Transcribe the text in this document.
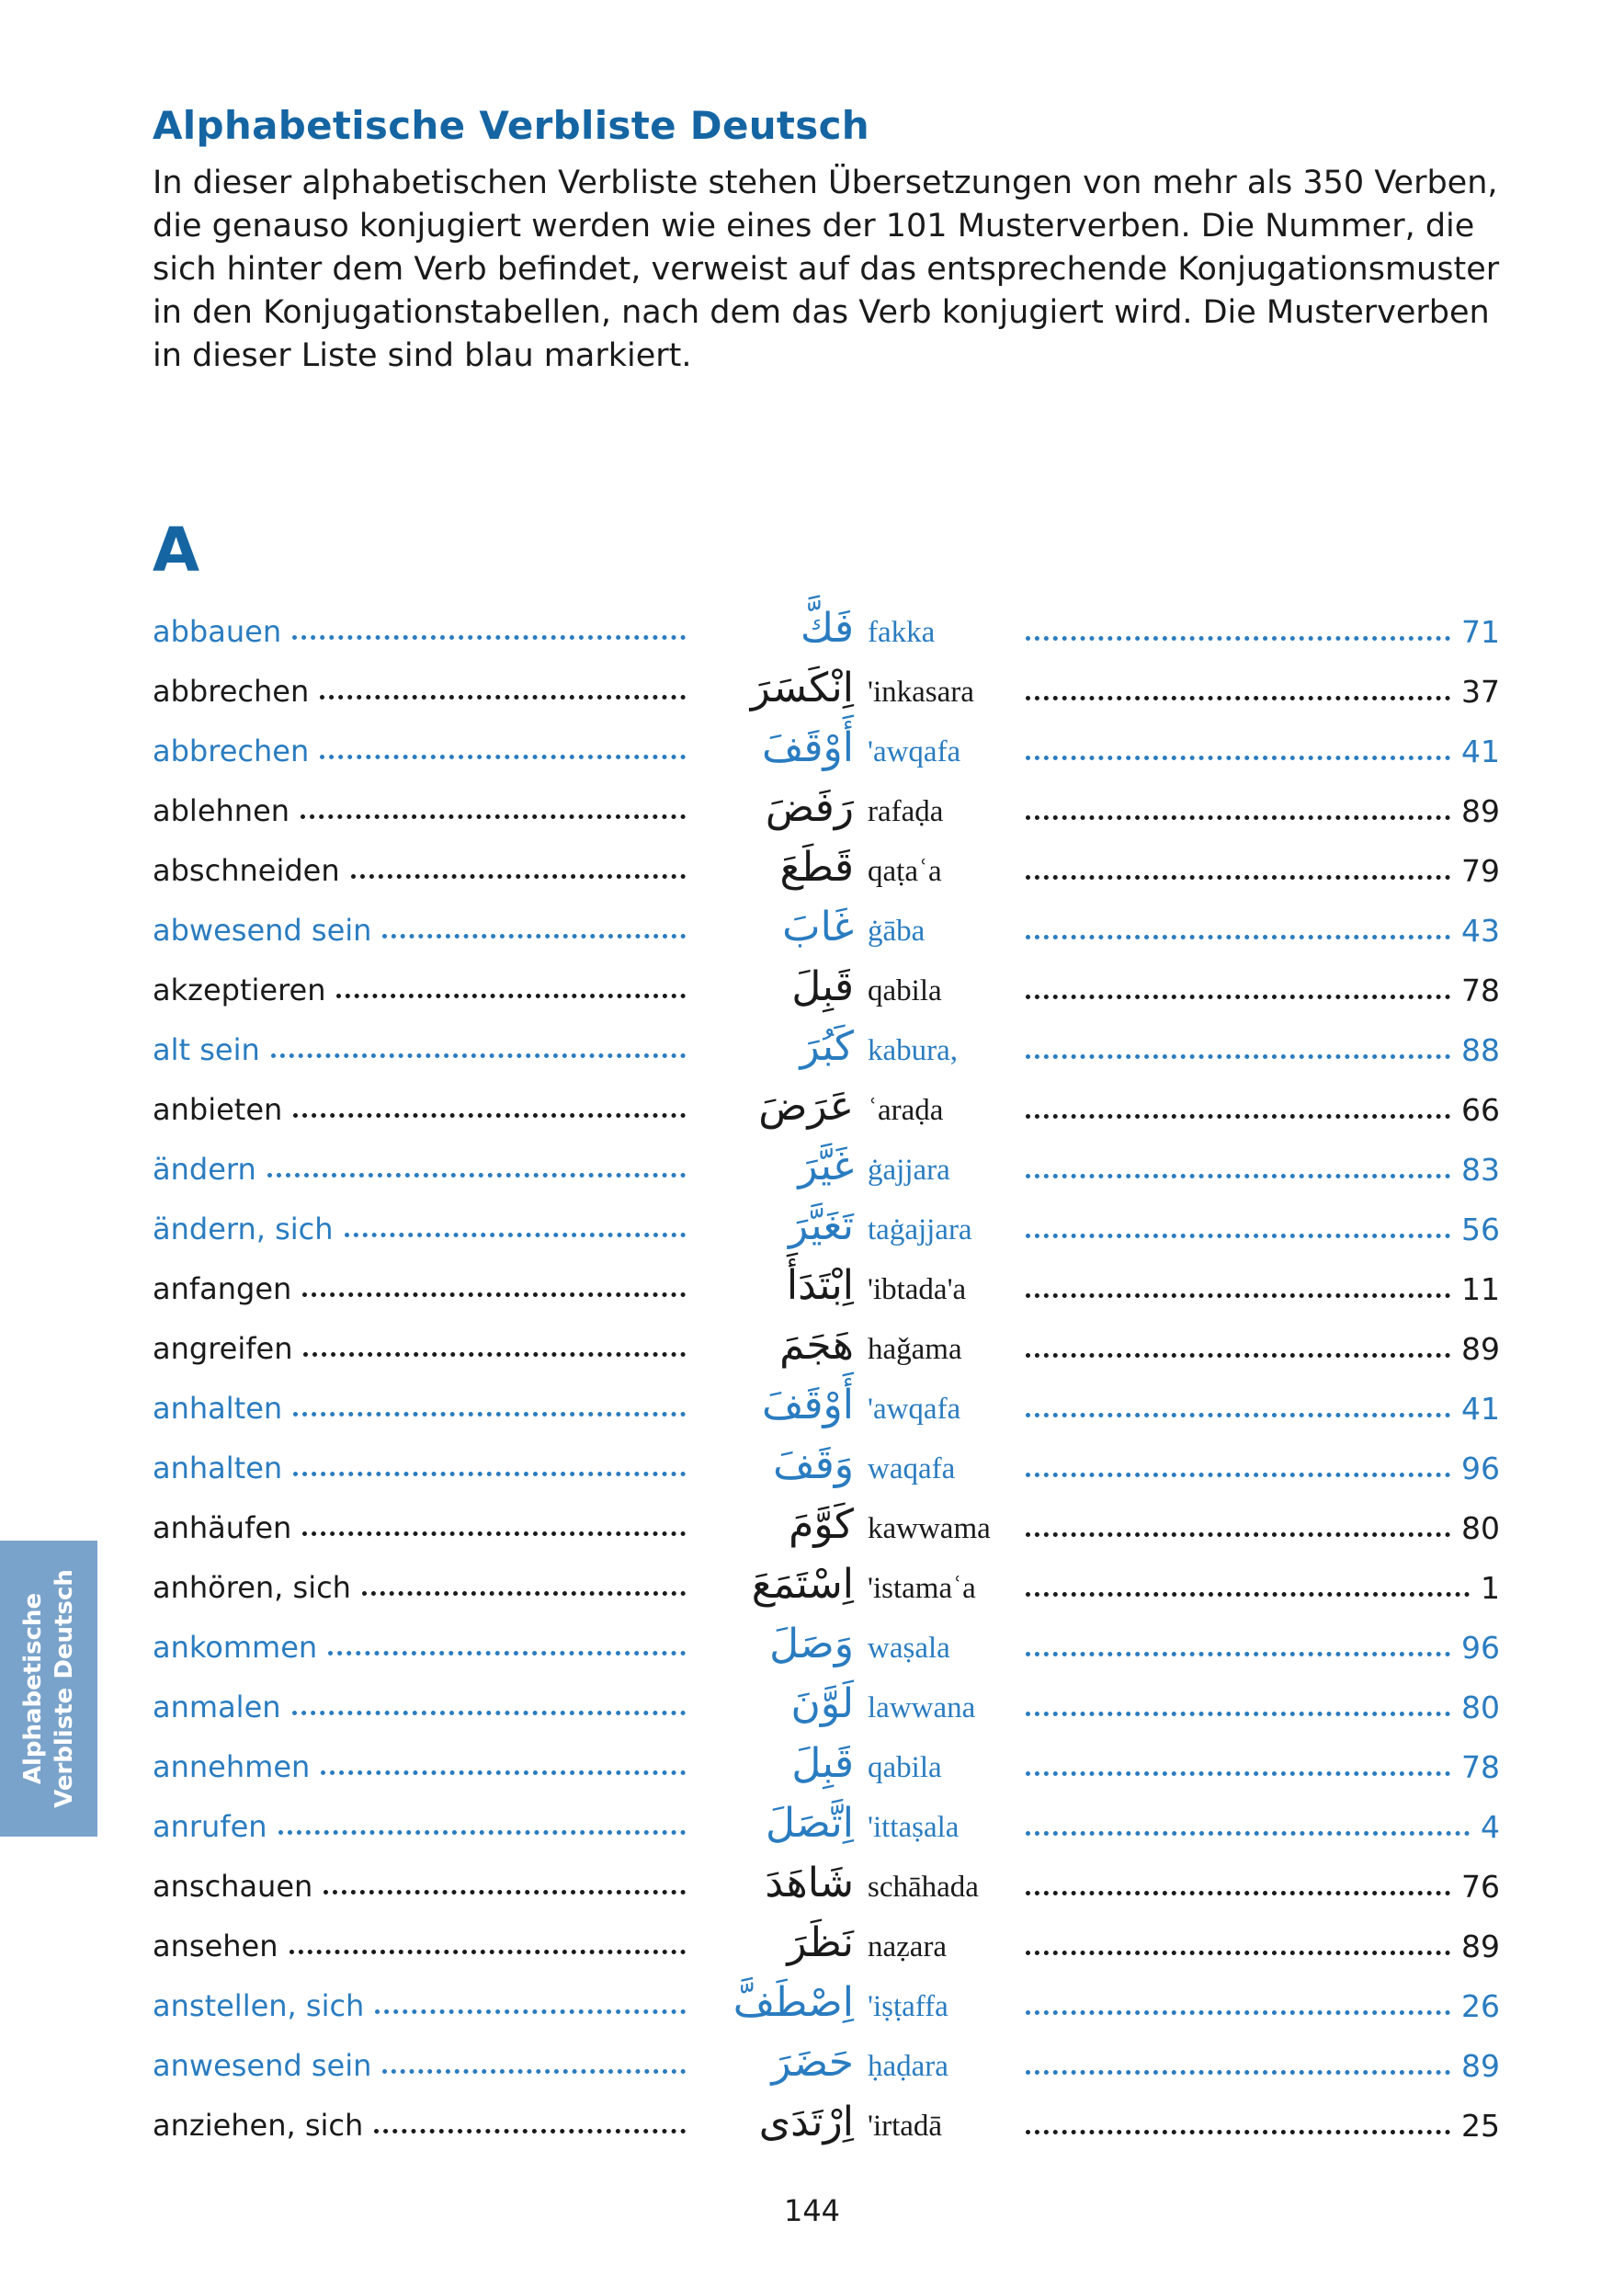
Alphabetische Verbliste Deutsch
In dieser alphabetischen Verbliste stehen Übersetzungen von mehr als 350 Verben, die genauso konjugiert werden wie eines der 101 Musterverben. Die Nummer, die sich hinter dem Verb befindet, verweist auf das entsprechende Konjugationsmuster in den Konjugationstabellen, nach dem das Verb konjugiert wird. Die Musterverben in dieser Liste sind blau markiert.
A
abbauen	فَكَّ fakka	71
abbrechen	اِنْكَسَرَ 'inkasara	37
abbrechen	أَوْقَفَ 'awqafa	41
ablehnen	رَفَضَ rafaḍa	89
abschneiden	قَطَعَ qaṭaʿa	79
abwesend sein	غَابَ ġāba	43
akzeptieren	قَبِلَ qabila	78
alt sein	كَبُرَ kabura,	88
anbieten	عَرَضَ ʿaraḍa	66
ändern	غَيَّرَ ġajjara	83
ändern, sich	تَغَيَّرَ taġajjara	56
anfangen	اِبْتَدَأَ 'ibtada'a	11
angreifen	هَجَمَ haǧama	89
anhalten	أَوْقَفَ 'awqafa	41
anhalten	وَقَفَ waqafa	96
anhäufen	كَوَّمَ kawwama	80
anhören, sich	اِسْتَمَعَ 'istamaʿa	1
ankommen	وَصَلَ waṣala	96
anmalen	لَوَّنَ lawwana	80
annehmen	قَبِلَ qabila	78
anrufen	اِتَّصَلَ 'ittaṣala	4
anschauen	شَاهَدَ schāhada	76
ansehen	نَظَرَ naẓara	89
anstellen, sich	اِصْطَفَّ 'iṣṭaffa	26
anwesend sein	حَضَرَ ḥaḍara	89
anziehen, sich	اِرْتَدَى 'irtadā	25
144
Alphabetische Verbliste Deutsch
